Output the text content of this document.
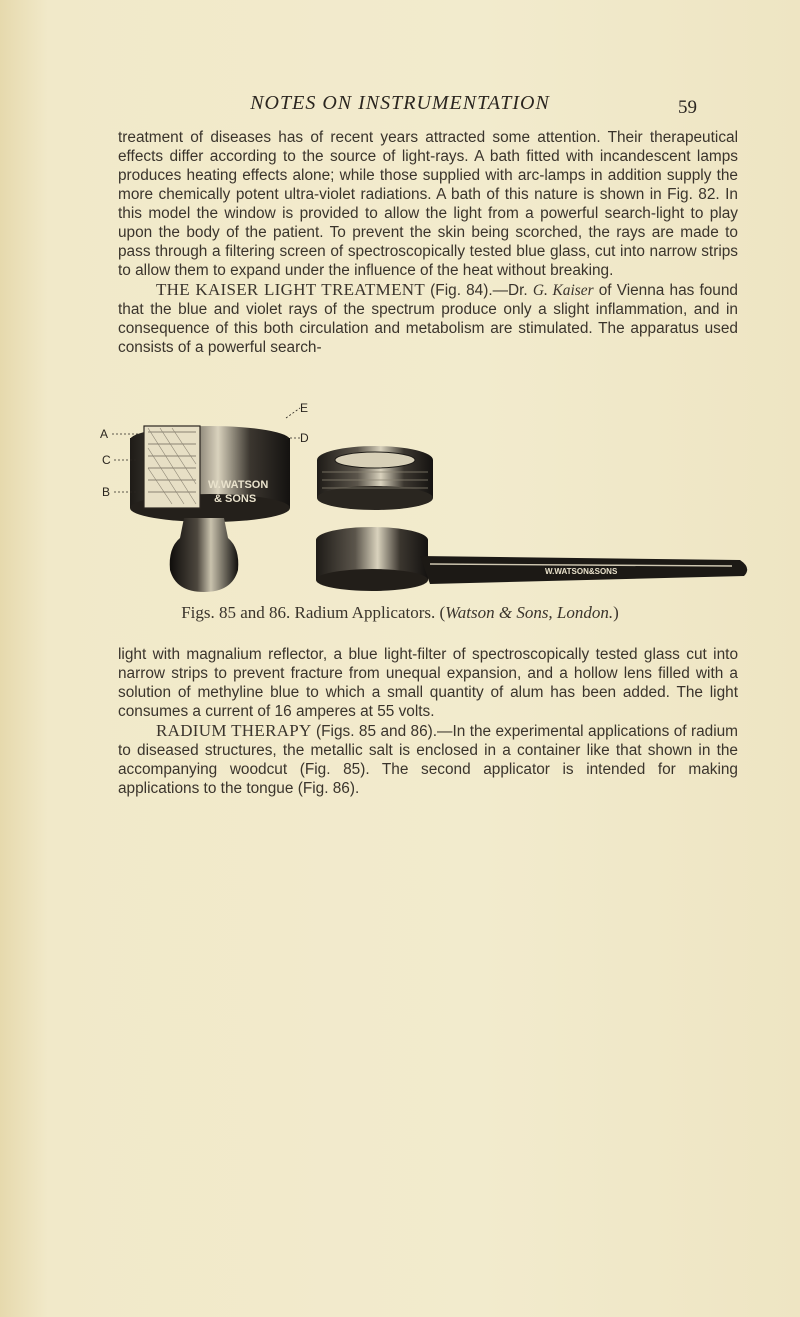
NOTES ON INSTRUMENTATION	59

treatment of diseases has of recent years attracted some attention. Their therapeutical effects differ according to the source of light-rays. A bath fitted with incandescent lamps produces heating effects alone; while those supplied with arc-lamps in addition supply the more chemically potent ultra-violet radiations. A bath of this nature is shown in Fig. 82. In this model the window is provided to allow the light from a powerful search-light to play upon the body of the patient. To prevent the skin being scorched, the rays are made to pass through a filtering screen of spectroscopically tested blue glass, cut into narrow strips to allow them to expand under the influence of the heat without breaking.

THE KAISER LIGHT TREATMENT (Fig. 84).—Dr. G. Kaiser of Vienna has found that the blue and violet rays of the spectrum produce only a slight inflammation, and in consequence of this both circulation and metabolism are stimulated. The apparatus used consists of a powerful search-

W.WATSON
& SONS
A
C
B
E
D
W.WATSON&SONS
Figs. 85 and 86. Radium Applicators. (Watson & Sons, London.)

light with magnalium reflector, a blue light-filter of spectroscopically tested glass cut into narrow strips to prevent fracture from unequal expansion, and a hollow lens filled with a solution of methyline blue to which a small quantity of alum has been added. The light consumes a current of 16 amperes at 55 volts.

RADIUM THERAPY (Figs. 85 and 86).—In the experimental applications of radium to diseased structures, the metallic salt is enclosed in a container like that shown in the accompanying woodcut (Fig. 85). The second applicator is intended for making applications to the tongue (Fig. 86).
